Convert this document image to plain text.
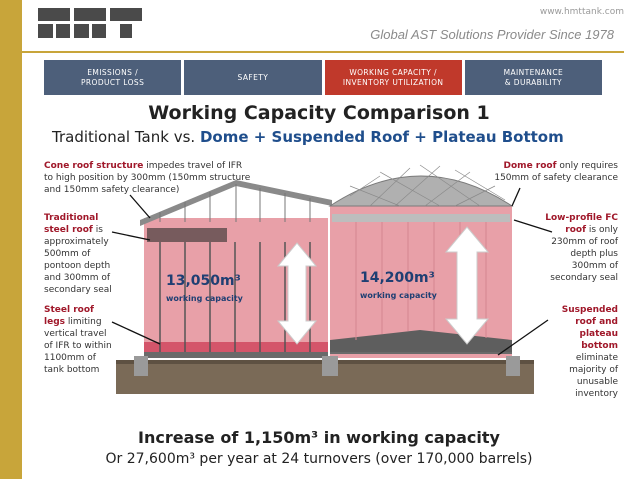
www.hmttank.com
Global AST Solutions Provider Since 1978
EMISSIONS /
PRODUCT LOSS
SAFETY
WORKING CAPACITY /
INVENTORY UTILIZATION
MAINTENANCE
& DURABILITY
Working Capacity Comparison 1
Traditional Tank vs. Dome + Suspended Roof + Plateau Bottom
13,050m³
working capacity
14,200m³
working capacity
Cone roof structure impedes travel of IFR to high position by 300mm (150mm structure and 150mm safety clearance)
Traditional steel roof is approximately 500mm of pontoon depth and 300mm of secondary seal
Steel roof legs limiting vertical travel of IFR to within 1100mm of tank bottom
Dome roof only requires 150mm of safety clearance
Low-profile FC roof is only 230mm of roof depth plus 300mm of secondary seal
Suspended roof and plateau bottom eliminate majority of unusable inventory
Increase of 1,150m³ in working capacity
Or 27,600m³ per year at 24 turnovers (over 170,000 barrels)
